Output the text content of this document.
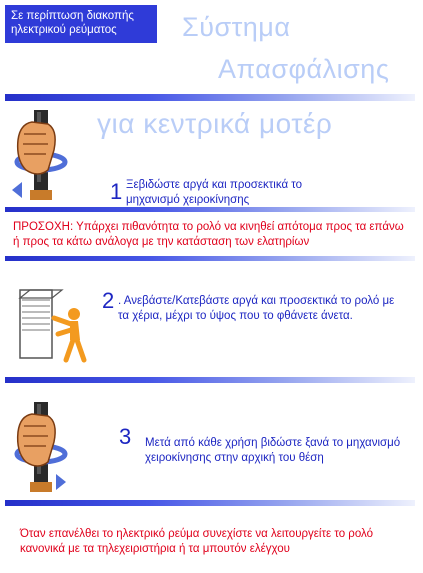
Σε περίπτωση διακοπής ηλεκτρικού ρεύματος	Σύστημα
Απασφάλισης
για κεντρικά μοτέρ
1 Ξεβιδώστε αργά και προσεκτικά το μηχανισμό χειροκίνησης
ΠΡΟΣΟΧΗ: Υπάρχει πιθανότητα το ρολό να κινηθεί απότομα προς τα επάνω ή προς τα κάτω ανάλογα με την κατάσταση των ελατηρίων
2 . Ανεβάστε/Κατεβάστε αργά και προσεκτικά το ρολό με τα χέρια, μέχρι το ύψος που το φθάνετε άνετα.
3 Μετά από κάθε χρήση βιδώστε ξανά το μηχανισμό χειροκίνησης στην αρχική του θέση
Όταν επανέλθει το ηλεκτρικό ρεύμα συνεχίστε να λειτουργείτε το ρολό κανονικά με τα τηλεχειριστήρια ή τα μπουτόν ελέγχου
